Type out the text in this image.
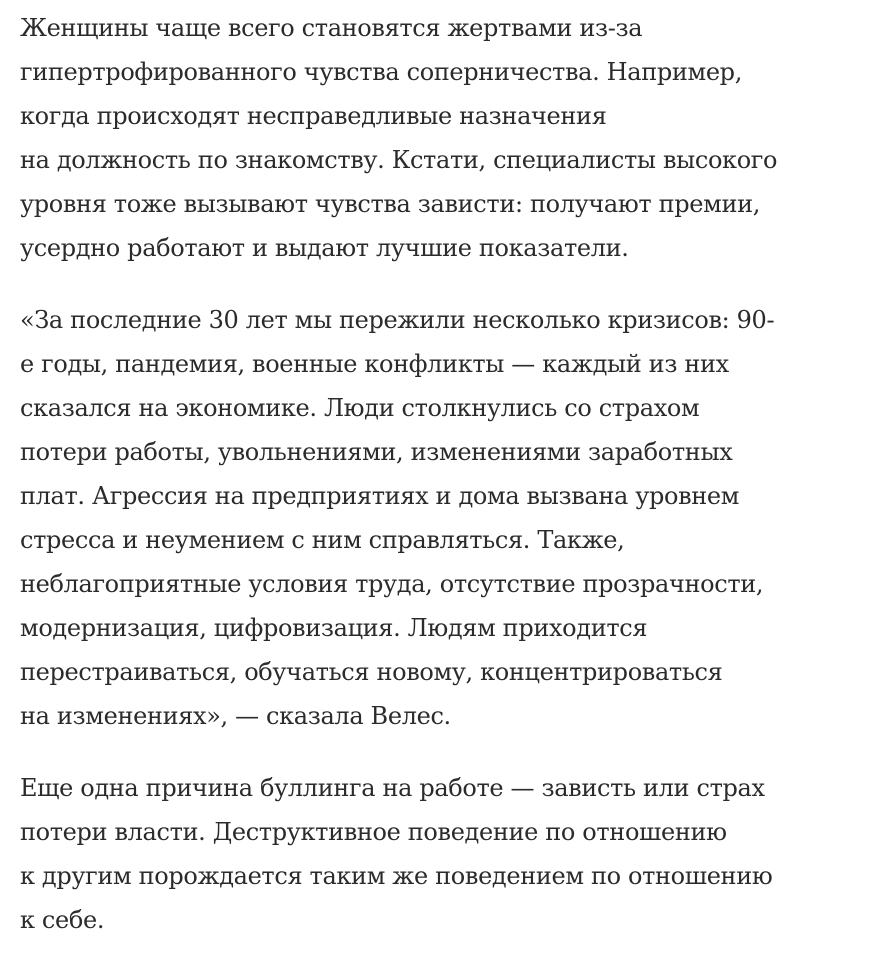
Женщины чаще всего становятся жертвами из-за
гипертрофированного чувства соперничества. Например,
когда происходят несправедливые назначения
на должность по знакомству. Кстати, специалисты высокого
уровня тоже вызывают чувства зависти: получают премии,
усердно работают и выдают лучшие показатели.

«За последние 30 лет мы пережили несколько кризисов: 90-
е годы, пандемия, военные конфликты — каждый из них
сказался на экономике. Люди столкнулись со страхом
потери работы, увольнениями, изменениями заработных
плат. Агрессия на предприятиях и дома вызвана уровнем
стресса и неумением с ним справляться. Также,
неблагоприятные условия труда, отсутствие прозрачности,
модернизация, цифровизация. Людям приходится
перестраиваться, обучаться новому, концентрироваться
на изменениях», — сказала Велес.

Еще одна причина буллинга на работе — зависть или страх
потери власти. Деструктивное поведение по отношению
к другим порождается таким же поведением по отношению
к себе.
